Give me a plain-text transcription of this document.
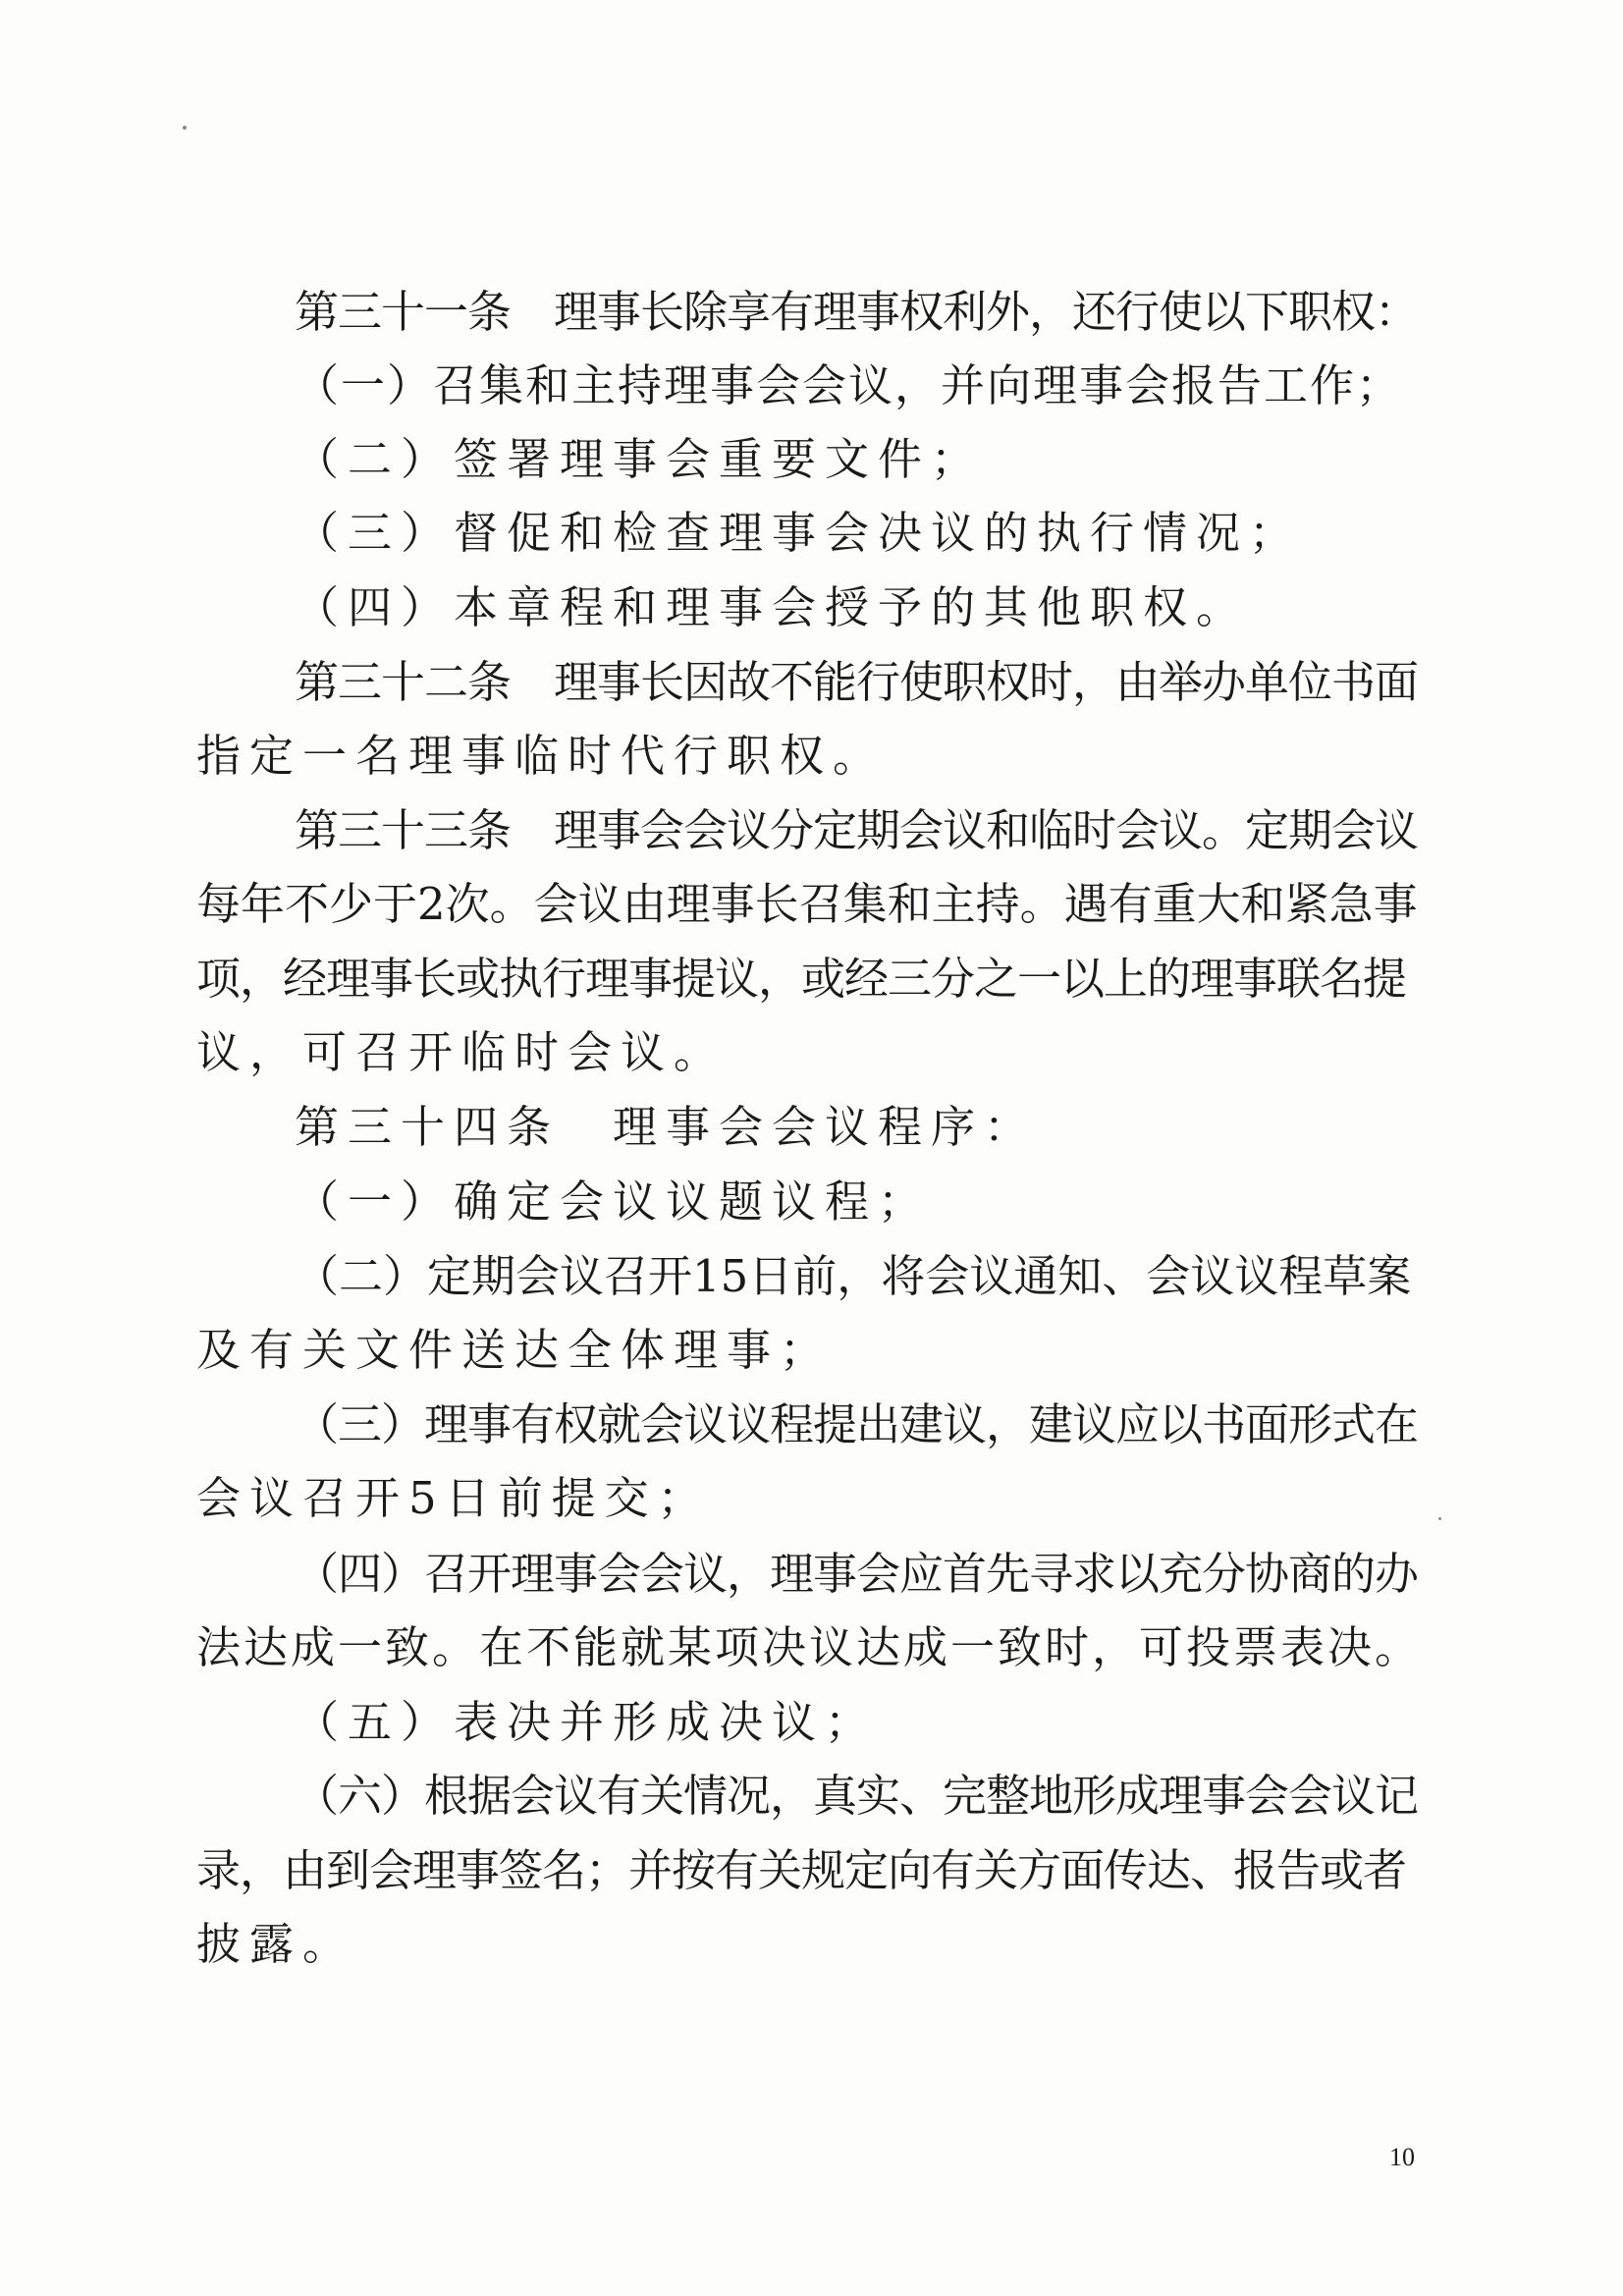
第三十一条　理事长除享有理事权利外，还行使以下职权：
（一）召集和主持理事会会议，并向理事会报告工作；
（二）签署理事会重要文件；
（三）督促和检查理事会决议的执行情况；
（四）本章程和理事会授予的其他职权。
第三十二条　理事长因故不能行使职权时，由举办单位书面
指定一名理事临时代行职权。
第三十三条　理事会会议分定期会议和临时会议。定期会议
每年不少于2次。会议由理事长召集和主持。遇有重大和紧急事
项，经理事长或执行理事提议，或经三分之一以上的理事联名提
议，可召开临时会议。
第三十四条　理事会会议程序：
（一）确定会议议题议程；
（二）定期会议召开15日前，将会议通知、会议议程草案
及有关文件送达全体理事；
（三）理事有权就会议议程提出建议，建议应以书面形式在
会议召开5日前提交；
（四）召开理事会会议，理事会应首先寻求以充分协商的办
法达成一致。在不能就某项决议达成一致时，可投票表决。
（五）表决并形成决议；
（六）根据会议有关情况，真实、完整地形成理事会会议记
录，由到会理事签名；并按有关规定向有关方面传达、报告或者
披露。
10
